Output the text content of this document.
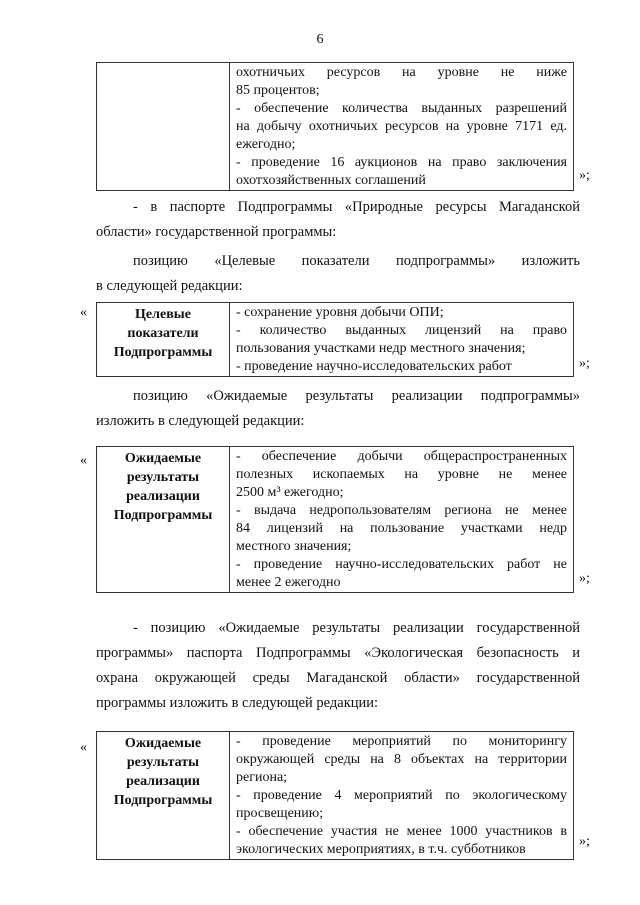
6

охотничьих ресурсов на уровне не ниже
85 процентов;
- обеспечение количества выданных разрешений
на добычу охотничьих ресурсов на уровне 7171 ед.
ежегодно;
- проведение 16 аукционов на право заключения
охотхозяйственных соглашений	»;
- в паспорте Подпрограммы «Природные ресурсы Магаданской
области» государственной программы:
позицию «Целевые показатели подпрограммы» изложить
в следующей редакции:
«	Целевые
показатели
Подпрограммы

- сохранение уровня добычи ОПИ;
- количество выданных лицензий на право
пользования участками недр местного значения;
- проведение научно-исследовательских работ	»;
позицию «Ожидаемые результаты реализации подпрограммы»
изложить в следующей редакции:
«	Ожидаемые
результаты
реализации
Подпрограммы

- обеспечение добычи общераспространенных
полезных ископаемых на уровне не менее
2500 м³ ежегодно;
- выдача недропользователям региона не менее
84 лицензий на пользование участками недр
местного значения;
- проведение научно-исследовательских работ не
менее 2 ежегодно	»;
- позицию «Ожидаемые результаты реализации государственной
программы» паспорта Подпрограммы «Экологическая безопасность и
охрана окружающей среды Магаданской области» государственной
программы изложить в следующей редакции:
«	Ожидаемые
результаты
реализации
Подпрограммы

- проведение мероприятий по мониторингу
окружающей среды на 8 объектах на территории
региона;
- проведение 4 мероприятий по экологическому
просвещению;
- обеспечение участия не менее 1000 участников в
экологических мероприятиях, в т.ч. субботников
»;
